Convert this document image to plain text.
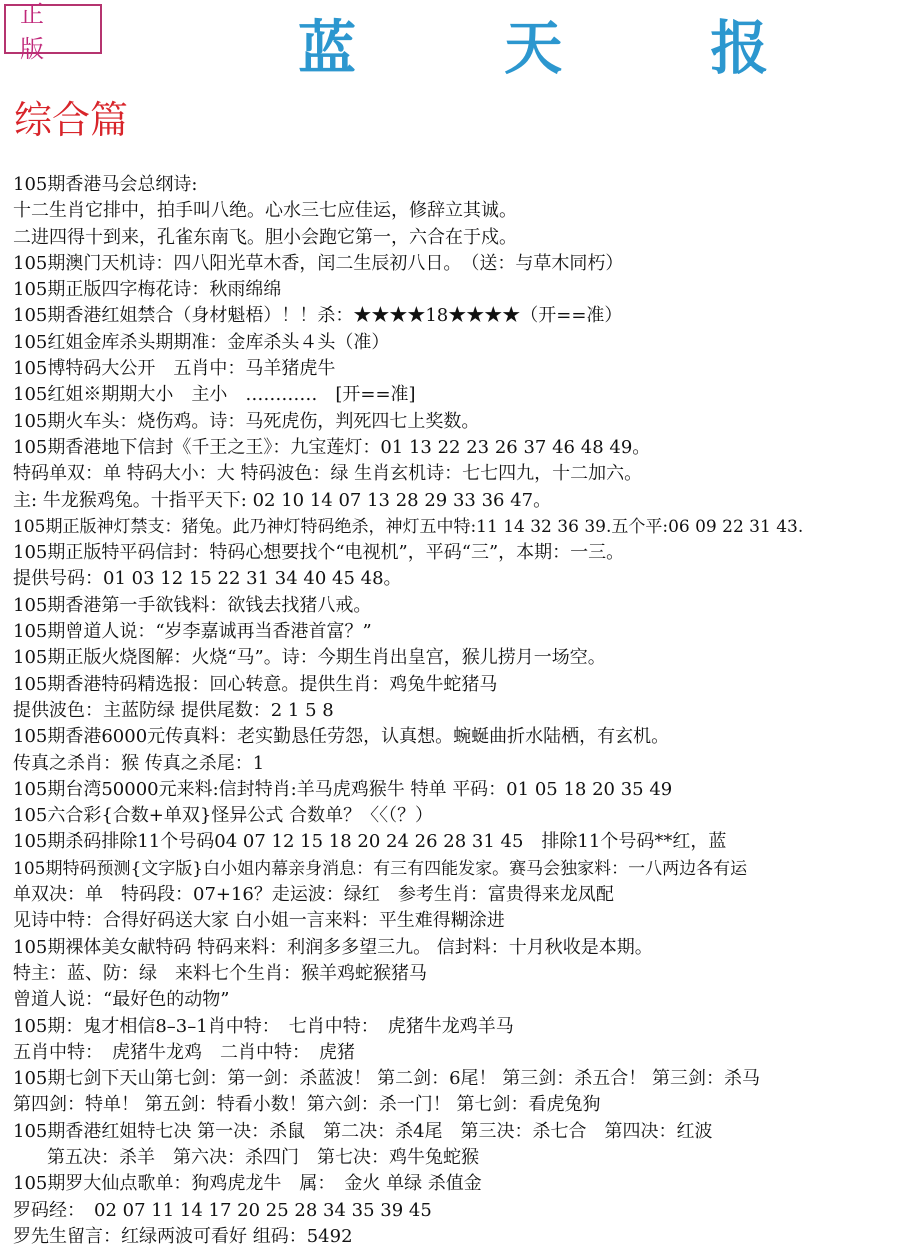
正 版	蓝 天 报
综合篇
105期香港马会总纲诗:
十二生肖它排中，拍手叫八绝。心水三七应佳运，修辞立其诚。
二进四得十到来，孔雀东南飞。胆小会跑它第一，六合在于戍。
105期澳门天机诗：四八阳光草木香，闰二生辰初八日。　（送：与草木同朽）
105期正版四字梅花诗：秋雨绵绵
105期香港红姐禁合（身材魁梧）！！杀：★★★★18★★★★（开==准）
105红姐金库杀头期期准：金库杀头４头（准）
105博特码大公开　五肖中：马羊猪虎牛
105红姐※期期大小　主小　…………　[开==准]
105期火车头：烧伤鸡。诗：马死虎伤，判死四七上奖数。
105期香港地下信封《千王之王》：九宝莲灯：01 13 22 23 26 37 46 48 49。
特码单双：单 特码大小：大 特码波色：绿 生肖玄机诗：七七四九，十二加六。
主: 牛龙猴鸡兔。十指平天下: 02 10 14 07 13 28 29 33 36 47。
105期正版神灯禁支：猪兔。此乃神灯特码绝杀，神灯五中特:11 14 32 36 39.五个平:06 09 22 31 43.
105期正版特平码信封：特码心想要找个“电视机”，平码“三”，本期：一三。
提供号码：01 03 12 15 22 31 34 40 45 48。
105期香港第一手欲钱料：欲钱去找猪八戒。
105期曾道人说：“岁李嘉诚再当香港首富？”
105期正版火烧图解：火烧“马”。诗：今期生肖出皇宫，猴儿捞月一场空。
105期香港特码精选报：回心转意。提供生肖：鸡兔牛蛇猪马
提供波色：主蓝防绿 提供尾数：2 1 5 8
105期香港6000元传真料：老实勤恳任劳怨，认真想。蜿蜒曲折水陆栖，有玄机。
传真之杀肖：猴 传真之杀尾：1
105期台湾50000元来料:信封特肖:羊马虎鸡猴牛 特单 平码：01 05 18 20 35 49
105六合彩{合数+单双}怪异公式 合数单？〈〈（？）
105期杀码排除11个号码04 07 12 15 18 20 24 26 28 31 45　排除11个号码**红，蓝
105期特码预测{文字版}白小姐内幕亲身消息：有三有四能发家。赛马会独家料：一八两边各有运
单双决：单　特码段：07+16？走运波：绿红　参考生肖：富贵得来龙凤配
见诗中特：合得好码送大家 白小姐一言来料：平生难得糊涂进
105期裸体美女献特码 特码来料：利润多多望三九。 信封料：十月秋收是本期。
特主：蓝、防：绿　来料七个生肖：猴羊鸡蛇猴猪马
曾道人说：“最好色的动物”
105期：鬼才相信8–3–1肖中特：　七肖中特：　虎猪牛龙鸡羊马
五肖中特：　虎猪牛龙鸡　二肖中特：　虎猪
105期七剑下天山第七剑：第一剑：杀蓝波！ 第二剑：6尾！ 第三剑：杀五合！ 第三剑：杀马
第四剑：特单！ 第五剑：特看小数！第六剑：杀一门！ 第七剑：看虎兔狗
105期香港红姐特七决 第一决：杀鼠　第二决：杀4尾　第三决：杀七合　第四决：红波
第五决：杀羊　第六决：杀四门　第七决：鸡牛兔蛇猴
105期罗大仙点歌单：狗鸡虎龙牛　属：　金火 单绿 杀值金
罗码经：　02 07 11 14 17 20 25 28 34 35 39 45
罗先生留言：红绿两波可看好 组码：5492
